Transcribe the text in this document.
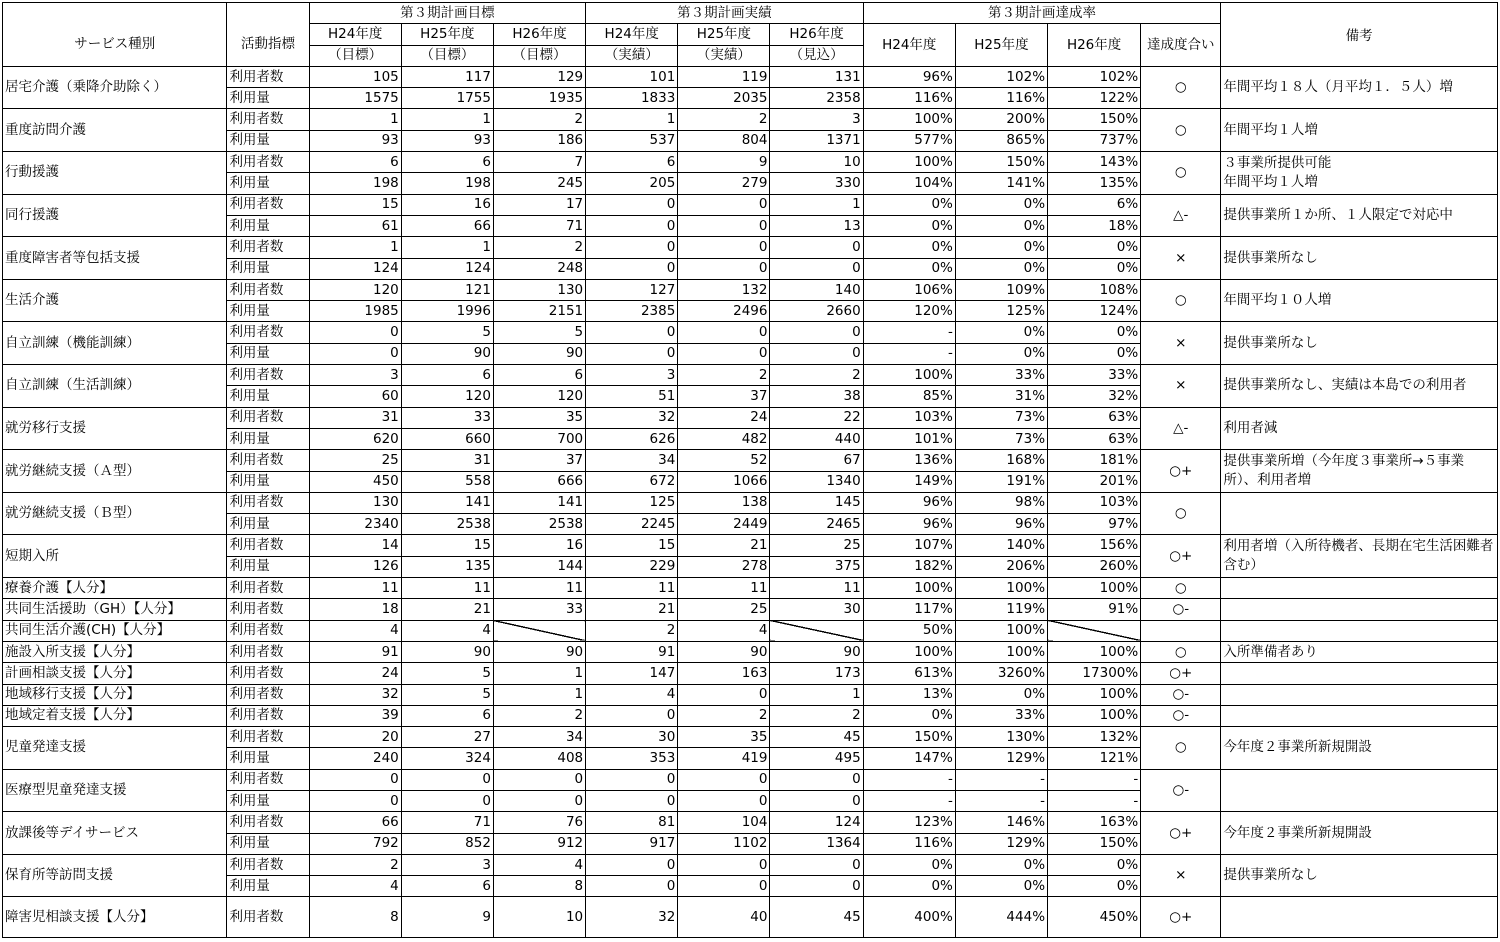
		第３期計画目標			第３期計画実績			第３期計画達成率				備考
サービス種別	活動指標	H24年度	H25年度	H26年度	H24年度	H25年度	H26年度	H24年度	H25年度	H26年度	達成度合い	
		（目標）	（目標）	（目標）	（実績）	（実績）	（見込）					
居宅介護（乗降介助除く）	利用者数	105	117	129	101	119	131	96%	102%	102%	○	年間平均１８人（月平均１．５人）増
	利用量	1575	1755	1935	1833	2035	2358	116%	116%	122%		
重度訪問介護	利用者数	1	1	2	1	2	3	100%	200%	150%	○	年間平均１人増
	利用量	93	93	186	537	804	1371	577%	865%	737%		
行動援護	利用者数	6	6	7	6	9	10	100%	150%	143%	○	３事業所提供可能
年間平均１人増
	利用量	198	198	245	205	279	330	104%	141%	135%		
同行援護	利用者数	15	16	17	0	0	1	0%	0%	6%	△-	提供事業所１か所、１人限定で対応中
	利用量	61	66	71	0	0	13	0%	0%	18%		
重度障害者等包括支援	利用者数	1	1	2	0	0	0	0%	0%	0%	×	提供事業所なし
	利用量	124	124	248	0	0	0	0%	0%	0%		
生活介護	利用者数	120	121	130	127	132	140	106%	109%	108%	○	年間平均１０人増
	利用量	1985	1996	2151	2385	2496	2660	120%	125%	124%		
自立訓練（機能訓練）	利用者数	0	5	5	0	0	0	-	0%	0%	×	提供事業所なし
	利用量	0	90	90	0	0	0	-	0%	0%		
自立訓練（生活訓練）	利用者数	3	6	6	3	2	2	100%	33%	33%	×	提供事業所なし、実績は本島での利用者
	利用量	60	120	120	51	37	38	85%	31%	32%		
就労移行支援	利用者数	31	33	35	32	24	22	103%	73%	63%	△-	利用者減
	利用量	620	660	700	626	482	440	101%	73%	63%		
就労継続支援（Ａ型）	利用者数	25	31	37	34	52	67	136%	168%	181%	○+	提供事業所増（今年度３事業所→５事業所）、利用者増
	利用量	450	558	666	672	1066	1340	149%	191%	201%		
就労継続支援（Ｂ型）	利用者数	130	141	141	125	138	145	96%	98%	103%	○	
	利用量	2340	2538	2538	2245	2449	2465	96%	96%	97%		
短期入所	利用者数	14	15	16	15	21	25	107%	140%	156%	○+	利用者増（入所待機者、長期在宅生活困難者含む）
	利用量	126	135	144	229	278	375	182%	206%	260%		
療養介護【人分】	利用者数	11	11	11	11	11	11	100%	100%	100%	○	
共同生活援助（GH）【人分】	利用者数	18	21	33	21	25	30	117%	119%	91%	○-	
共同生活介護(CH)【人分】	利用者数	4	4		2	4		50%	100%			
施設入所支援【人分】	利用者数	91	90	90	91	90	90	100%	100%	100%	○	入所準備者あり
計画相談支援【人分】	利用者数	24	5	1	147	163	173	613%	3260%	17300%	○+	
地域移行支援【人分】	利用者数	32	5	1	4	0	1	13%	0%	100%	○-	
地域定着支援【人分】	利用者数	39	6	2	0	2	2	0%	33%	100%	○-	
児童発達支援	利用者数	20	27	34	30	35	45	150%	130%	132%	○	今年度２事業所新規開設
	利用量	240	324	408	353	419	495	147%	129%	121%		
医療型児童発達支援	利用者数	0	0	0	0	0	0	-	-	-	○-	
	利用量	0	0	0	0	0	0	-	-	-		
放課後等デイサービス	利用者数	66	71	76	81	104	124	123%	146%	163%	○+	今年度２事業所新規開設
	利用量	792	852	912	917	1102	1364	116%	129%	150%		
保育所等訪問支援	利用者数	2	3	4	0	0	0	0%	0%	0%	×	提供事業所なし
	利用量	4	6	8	0	0	0	0%	0%	0%		
障害児相談支援【人分】	利用者数	8	9	10	32	40	45	400%	444%	450%	○+	
